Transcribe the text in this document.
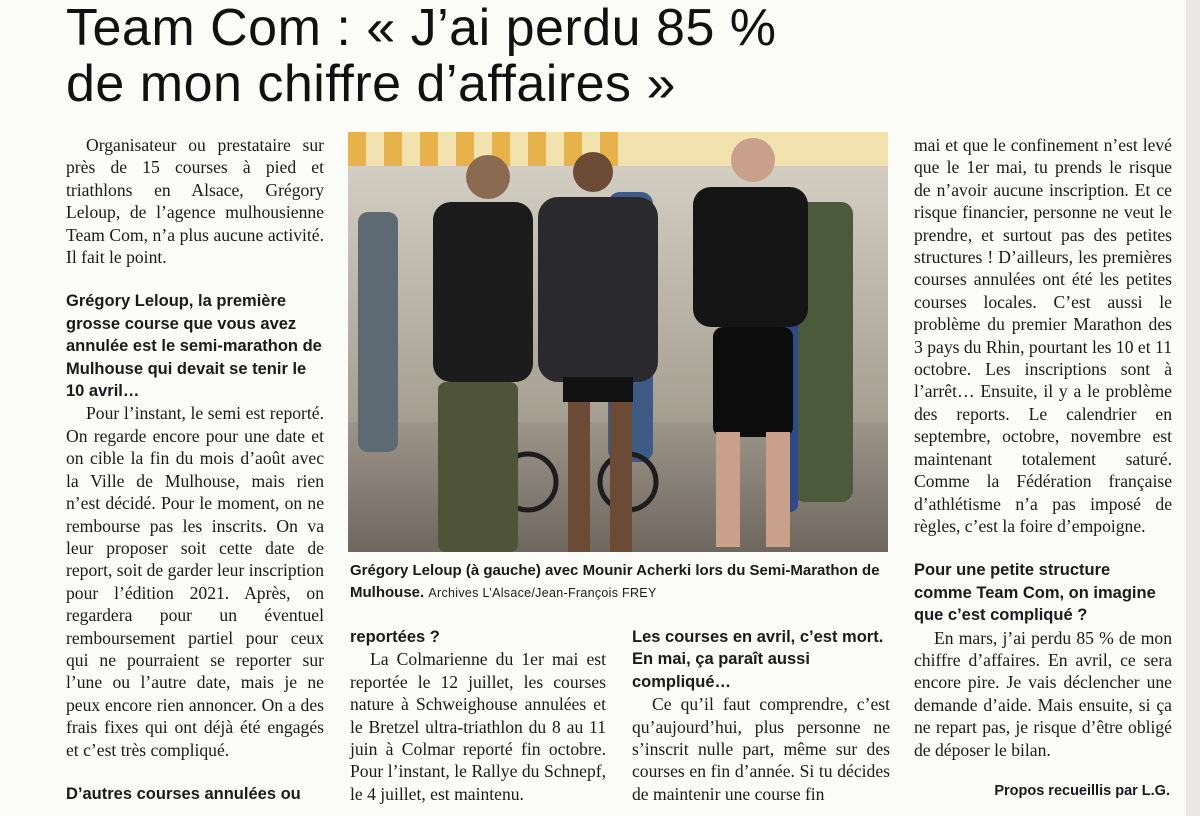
Team Com : « J’ai perdu 85 %
de mon chiffre d’affaires »

Organisateur ou prestataire sur près de 15 courses à pied et triathlons en Alsace, Grégory Leloup, de l’agence mulhousienne Team Com, n’a plus aucune activité. Il fait le point.

Grégory Leloup, la première grosse course que vous avez annulée est le semi-marathon de Mulhouse qui devait se tenir le 10 avril…

Pour l’instant, le semi est reporté. On regarde encore pour une date et on cible la fin du mois d’août avec la Ville de Mulhouse, mais rien n’est décidé. Pour le moment, on ne rembourse pas les inscrits. On va leur proposer soit cette date de report, soit de garder leur inscription pour l’édition 2021. Après, on regardera pour un éventuel remboursement partiel pour ceux qui ne pourraient se reporter sur l’une ou l’autre date, mais je ne peux encore rien annoncer. On a des frais fixes qui ont déjà été engagés et c’est très compliqué.

D’autres courses annulées ou

Grégory Leloup (à gauche) avec Mounir Acherki lors du Semi-Marathon de Mulhouse. Archives L’Alsace/Jean-François FREY

reportées ?

La Colmarienne du 1er mai est reportée le 12 juillet, les courses nature à Schweighouse annulées et le Bretzel ultra-triathlon du 8 au 11 juin à Colmar reporté fin octobre. Pour l’instant, le Rallye du Schnepf, le 4 juillet, est maintenu.

Les courses en avril, c’est mort. En mai, ça paraît aussi compliqué…

Ce qu’il faut comprendre, c’est qu’aujourd’hui, plus personne ne s’inscrit nulle part, même sur des courses en fin d’année. Si tu décides de maintenir une course fin

mai et que le confinement n’est levé que le 1er mai, tu prends le risque de n’avoir aucune inscription. Et ce risque financier, personne ne veut le prendre, et surtout pas des petites structures ! D’ailleurs, les premières courses annulées ont été les petites courses locales. C’est aussi le problème du premier Marathon des 3 pays du Rhin, pourtant les 10 et 11 octobre. Les inscriptions sont à l’arrêt… Ensuite, il y a le problème des reports. Le calendrier en septembre, octobre, novembre est maintenant totalement saturé. Comme la Fédération française d’athlétisme n’a pas imposé de règles, c’est la foire d’empoigne.

Pour une petite structure comme Team Com, on imagine que c’est compliqué ?

En mars, j’ai perdu 85 % de mon chiffre d’affaires. En avril, ce sera encore pire. Je vais déclencher une demande d’aide. Mais ensuite, si ça ne repart pas, je risque d’être obligé de déposer le bilan.

Propos recueillis par L.G.
